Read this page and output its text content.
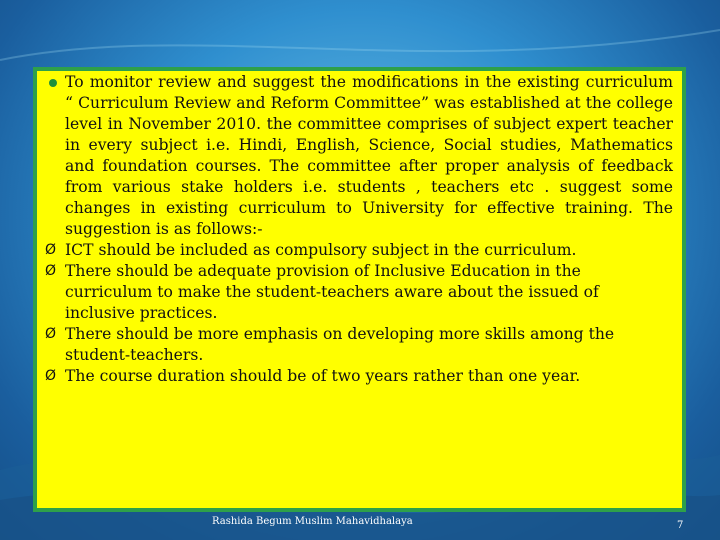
To monitor review and suggest the modifications in the existing curriculum “ Curriculum Review and Reform Committee” was established at the college level in November 2010. the committee comprises of subject expert teacher in every subject i.e. Hindi, English, Science, Social studies, Mathematics and foundation courses. The committee after proper analysis of feedback from various stake holders i.e. students , teachers etc . suggest some changes in existing curriculum to University for effective training. The suggestion is as follows:-
Ø ICT should be included as compulsory subject in the curriculum.
Ø There should be adequate provision of Inclusive Education in the curriculum to make the student-teachers aware about the issued of inclusive practices.
Ø There should be more emphasis on developing more skills among the student-teachers.
Ø The course duration should be of two years rather than one year.
Rashida Begum Muslim Mahavidhalaya	7
